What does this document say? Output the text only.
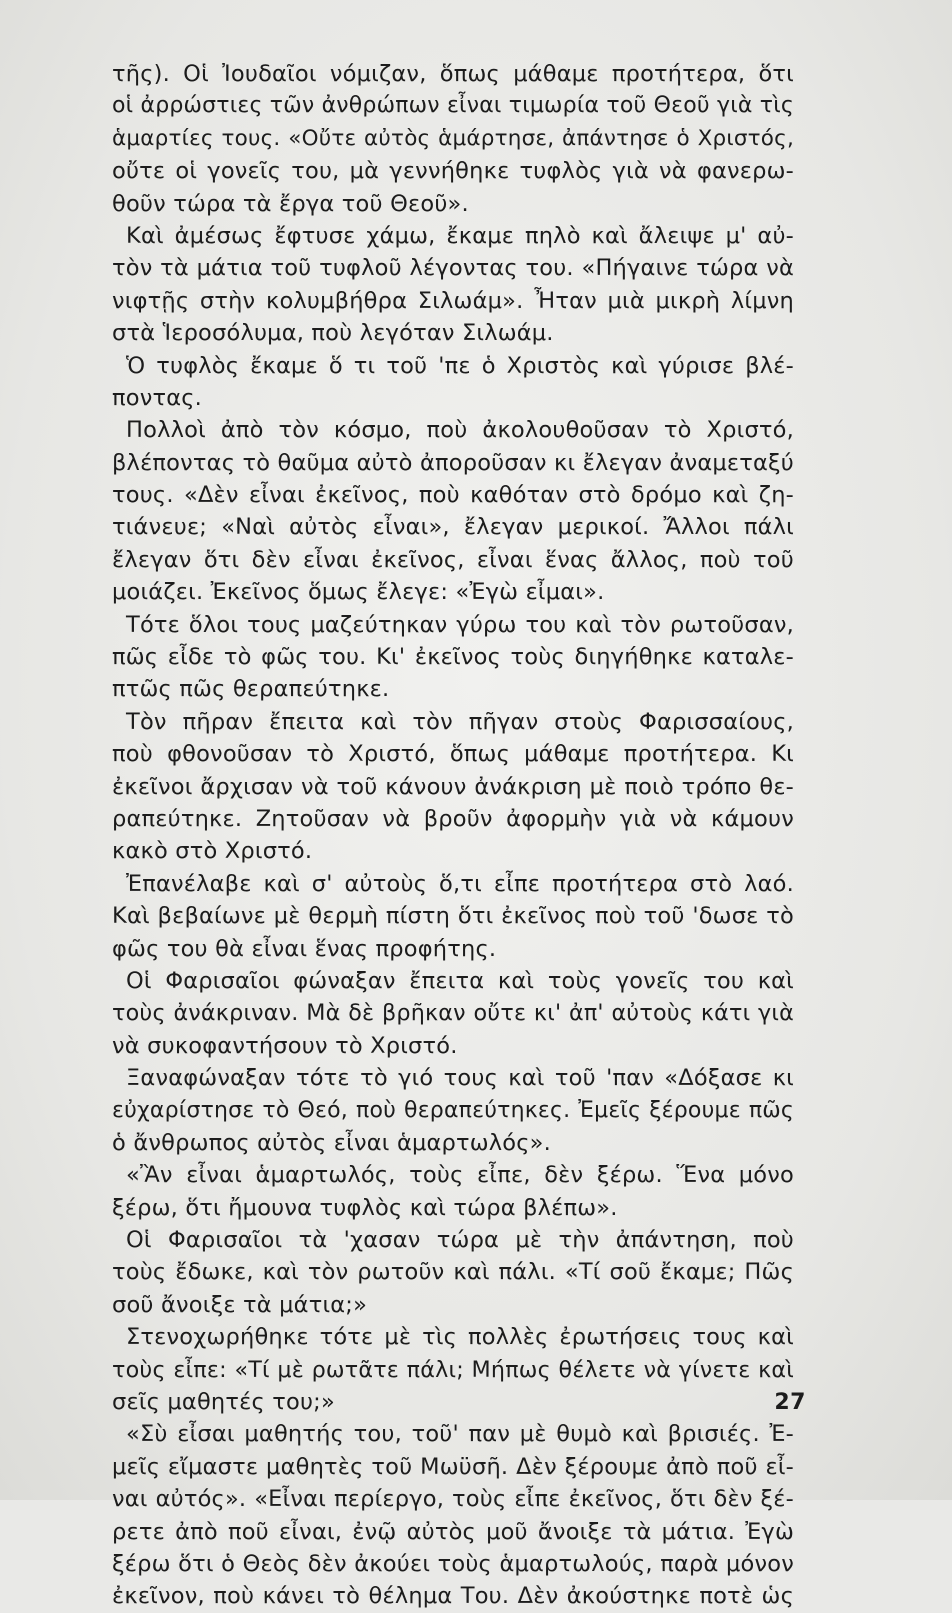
τῆς). Οἱ Ἰουδαῖοι νόμιζαν, ὅπως μάθαμε προτήτερα, ὅτι
οἱ ἀρρώστιες τῶν ἀνθρώπων εἶναι τιμωρία τοῦ Θεοῦ γιὰ τὶς
ἁμαρτίες τους. «Οὔτε αὐτὸς ἁμάρτησε, ἀπάντησε ὁ Χριστός,
οὔτε οἱ γονεῖς του, μὰ γεννήθηκε τυφλὸς γιὰ νὰ φανερω-
θοῦν τώρα τὰ ἔργα τοῦ Θεοῦ».
Καὶ ἀμέσως ἔφτυσε χάμω, ἔκαμε πηλὸ καὶ ἄλειψε μ' αὐ-
τὸν τὰ μάτια τοῦ τυφλοῦ λέγοντας του. «Πήγαινε τώρα νὰ
νιφτῇς στὴν κολυμβήθρα Σιλωάμ». Ἦταν μιὰ μικρὴ λίμνη
στὰ Ἱεροσόλυμα, ποὺ λεγόταν Σιλωάμ.
Ὁ τυφλὸς ἔκαμε ὅ τι τοῦ 'πε ὁ Χριστὸς καὶ γύρισε βλέ-
ποντας.
Πολλοὶ ἀπὸ τὸν κόσμο, ποὺ ἀκολουθοῦσαν τὸ Χριστό,
βλέποντας τὸ θαῦμα αὐτὸ ἀποροῦσαν κι ἔλεγαν ἀναμεταξύ
τους. «Δὲν εἶναι ἐκεῖνος, ποὺ καθόταν στὸ δρόμο καὶ ζη-
τιάνευε; «Ναὶ αὐτὸς εἶναι», ἔλεγαν μερικοί. Ἄλλοι πάλι
ἔλεγαν ὅτι δὲν εἶναι ἐκεῖνος, εἶναι ἕνας ἄλλος, ποὺ τοῦ
μοιάζει. Ἐκεῖνος ὅμως ἔλεγε: «Ἐγὼ εἶμαι».
Τότε ὅλοι τους μαζεύτηκαν γύρω του καὶ τὸν ρωτοῦσαν,
πῶς εἶδε τὸ φῶς του. Κι' ἐκεῖνος τοὺς διηγήθηκε καταλε-
πτῶς πῶς θεραπεύτηκε.
Τὸν πῆραν ἔπειτα καὶ τὸν πῆγαν στοὺς Φαρισσαίους,
ποὺ φθονοῦσαν τὸ Χριστό, ὅπως μάθαμε προτήτερα. Κι
ἐκεῖνοι ἄρχισαν νὰ τοῦ κάνουν ἀνάκριση μὲ ποιὸ τρόπο θε-
ραπεύτηκε. Ζητοῦσαν νὰ βροῦν ἀφορμὴν γιὰ νὰ κάμουν
κακὸ στὸ Χριστό.
Ἐπανέλαβε καὶ σ' αὐτοὺς ὅ,τι εἶπε προτήτερα στὸ λαό.
Καὶ βεβαίωνε μὲ θερμὴ πίστη ὅτι ἐκεῖνος ποὺ τοῦ 'δωσε τὸ
φῶς του θὰ εἶναι ἕνας προφήτης.
Οἱ Φαρισαῖοι φώναξαν ἔπειτα καὶ τοὺς γονεῖς του καὶ
τοὺς ἀνάκριναν. Μὰ δὲ βρῆκαν οὔτε κι' ἀπ' αὐτοὺς κάτι γιὰ
νὰ συκοφαντήσουν τὸ Χριστό.
Ξαναφώναξαν τότε τὸ γιό τους καὶ τοῦ 'παν «Δόξασε κι
εὐχαρίστησε τὸ Θεό, ποὺ θεραπεύτηκες. Ἐμεῖς ξέρουμε πῶς
ὁ ἄνθρωπος αὐτὸς εἶναι ἁμαρτωλός».
«Ἂν εἶναι ἁμαρτωλός, τοὺς εἶπε, δὲν ξέρω. Ἕνα μόνο
ξέρω, ὅτι ἤμουνα τυφλὸς καὶ τώρα βλέπω».
Οἱ Φαρισαῖοι τὰ 'χασαν τώρα μὲ τὴν ἀπάντηση, ποὺ
τοὺς ἔδωκε, καὶ τὸν ρωτοῦν καὶ πάλι. «Τί σοῦ ἔκαμε; Πῶς
σοῦ ἄνοιξε τὰ μάτια;»
Στενοχωρήθηκε τότε μὲ τὶς πολλὲς ἐρωτήσεις τους καὶ
τοὺς εἶπε: «Τί μὲ ρωτᾶτε πάλι; Μήπως θέλετε νὰ γίνετε καὶ
σεῖς μαθητές του;»
«Σὺ εἶσαι μαθητής του, τοῦ' παν μὲ θυμὸ καὶ βρισιές. Ἐ-
μεῖς εἴμαστε μαθητὲς τοῦ Μωϋσῆ. Δὲν ξέρουμε ἀπὸ ποῦ εἶ-
ναι αὐτός». «Εἶναι περίεργο, τοὺς εἶπε ἐκεῖνος, ὅτι δὲν ξέ-
ρετε ἀπὸ ποῦ εἶναι, ἐνῷ αὐτὸς μοῦ ἄνοιξε τὰ μάτια. Ἐγὼ
ξέρω ὅτι ὁ Θεὸς δὲν ἀκούει τοὺς ἁμαρτωλούς, παρὰ μόνον
ἐκεῖνον, ποὺ κάνει τὸ θέλημα Του. Δὲν ἀκούστηκε ποτὲ ὡς
27
